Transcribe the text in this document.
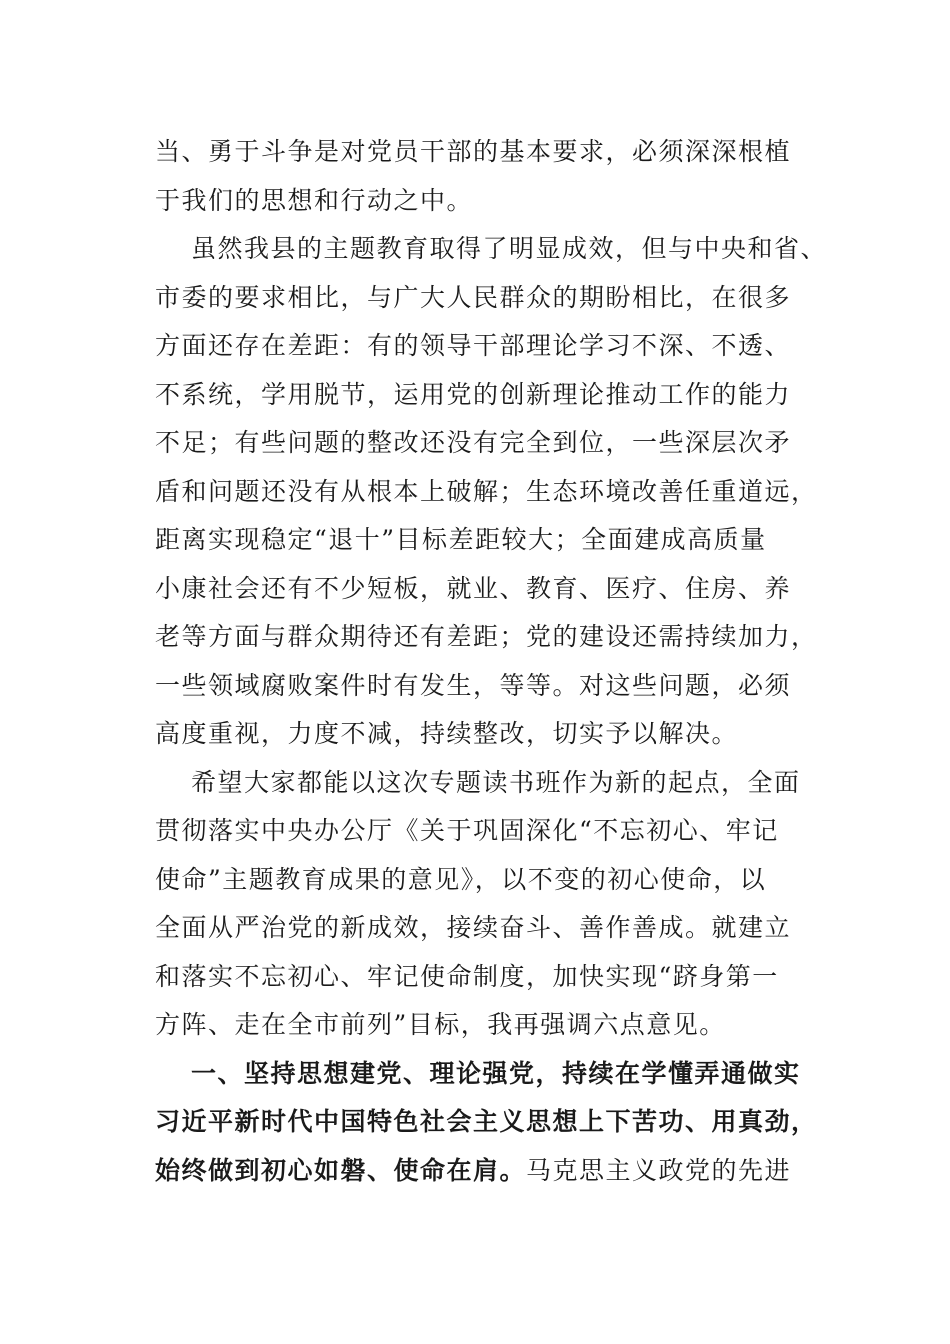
当、勇于斗争是对党员干部的基本要求，必须深深根植
于我们的思想和行动之中。
虽然我县的主题教育取得了明显成效，但与中央和省、
市委的要求相比，与广大人民群众的期盼相比，在很多
方面还存在差距：有的领导干部理论学习不深、不透、
不系统，学用脱节，运用党的创新理论推动工作的能力
不足；有些问题的整改还没有完全到位，一些深层次矛
盾和问题还没有从根本上破解；生态环境改善任重道远，
距离实现稳定“退十”目标差距较大；全面建成高质量
小康社会还有不少短板，就业、教育、医疗、住房、养
老等方面与群众期待还有差距；党的建设还需持续加力，
一些领域腐败案件时有发生，等等。对这些问题，必须
高度重视，力度不减，持续整改，切实予以解决。
希望大家都能以这次专题读书班作为新的起点，全面
贯彻落实中央办公厅《关于巩固深化“不忘初心、牢记
使命”主题教育成果的意见》，以不变的初心使命，以
全面从严治党的新成效，接续奋斗、善作善成。就建立
和落实不忘初心、牢记使命制度，加快实现“跻身第一
方阵、走在全市前列”目标，我再强调六点意见。
一、坚持思想建党、理论强党，持续在学懂弄通做实
习近平新时代中国特色社会主义思想上下苦功、用真劲，
始终做到初心如磐、使命在肩。马克思主义政党的先进
